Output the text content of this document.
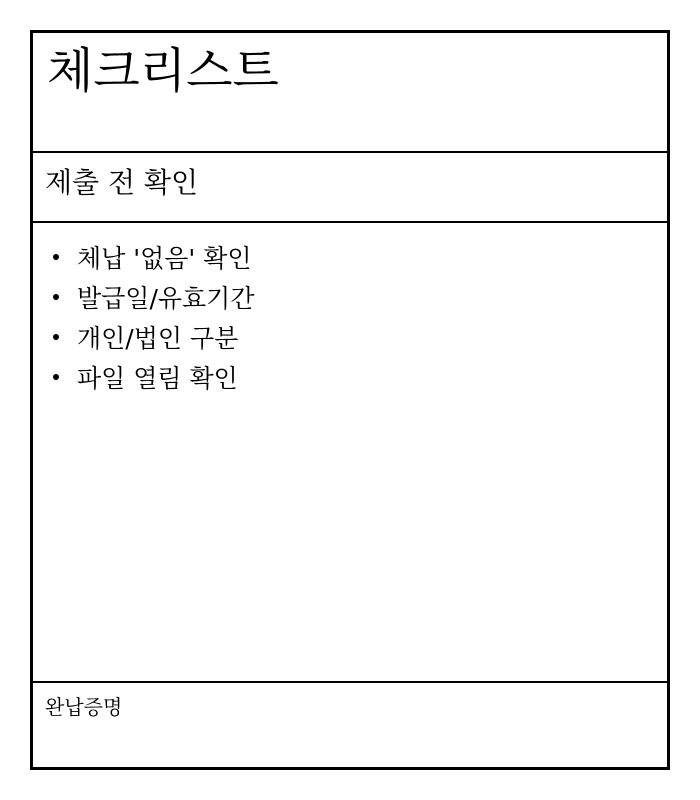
체크리스트
제출 전 확인
체납 '없음' 확인
발급일/유효기간
개인/법인 구분
파일 열림 확인
완납증명
